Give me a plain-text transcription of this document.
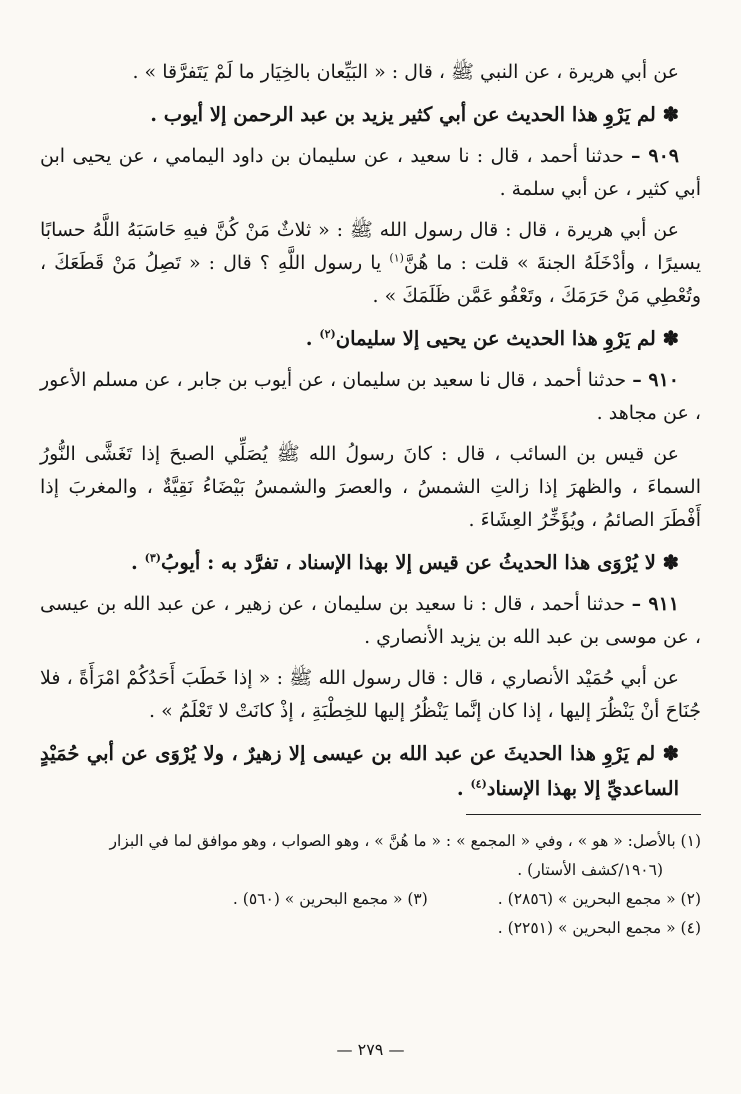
عن أبي هريرة ، عن النبي ﷺ ، قال : « البَيِّعان بالخِيَار ما لَمْ يَتَفرَّقا » .

✽ لم يَرْوِ هذا الحديث عن أبي كثير يزيد بن عبد الرحمن إلا أيوب .

٩٠٩ – حدثنا أحمد ، قال : نا سعيد ، عن سليمان بن داود اليمامي ، عن يحيى ابن أبي كثير ، عن أبي سلمة .

عن أبي هريرة ، قال : قال رسول الله ﷺ : « ثلاثٌ مَنْ كُنَّ فيهِ حَاسَبَهُ اللَّهُ حسابًا يسيرًا ، وأدْخَلَهُ الجنةَ » قلت : ما هُنَّ$^{(١)}$ يا رسول اللَّهِ ؟ قال : « تَصِلُ مَنْ قَطَعَكَ ، وتُعْطِي مَنْ حَرَمَكَ ، وتَعْفُو عَمَّن ظَلَمَكَ » .

✽ لم يَرْوِ هذا الحديث عن يحيى إلا سليمان$^{(٢)}$ .

٩١٠ – حدثنا أحمد ، قال نا سعيد بن سليمان ، عن أيوب بن جابر ، عن مسلم الأعور ، عن مجاهد .

عن قيس بن السائب ، قال : كانَ رسولُ الله ﷺ يُصَلِّي الصبحَ إذا تَغَشَّى النُّورُ السماءَ ، والظهرَ إذا زالتِ الشمسُ ، والعصرَ والشمسُ بَيْضَاءُ نَقِيَّةٌ ، والمغربَ إذا أَفْطَرَ الصائمُ ، ويُؤَخِّرُ العِشَاءَ .

✽ لا يُرْوَى هذا الحديثُ عن قيس إلا بهذا الإسناد ، تفرَّد به : أيوبُ$^{(٣)}$ .

٩١١ – حدثنا أحمد ، قال : نا سعيد بن سليمان ، عن زهير ، عن عبد الله بن عيسى ، عن موسى بن عبد الله بن يزيد الأنصاري .

عن أبي حُمَيْد الأنصاري ، قال : قال رسول الله ﷺ : « إذا خَطَبَ أَحَدُكُمْ امْرَأَةً ، فلا جُنَاحَ أنْ يَنْظُرَ إليها ، إذا كان إنَّما يَنْظُرُ إليها للخِطْبَةِ ، إذْ كانَتْ لا تَعْلَمُ » .

✽ لم يَرْوِ هذا الحديثَ عن عبد الله بن عيسى إلا زهيرٌ ، ولا يُرْوَى عن أبي حُمَيْدٍ الساعديِّ إلا بهذا الإسناد$^{(٤)}$ .

(١) بالأصل: « هو » ، وفي « المجمع » : « ما هُنَّ » ، وهو الصواب ، وهو موافق لما في البزار

(١٩٠٦/كشف الأستار) .

(٢) « مجمع البحرين » (٢٨٥٦) .
(٣) « مجمع البحرين » (٥٦٠) .

(٤) « مجمع البحرين » (٢٢٥١) .

— ٢٧٩ —
